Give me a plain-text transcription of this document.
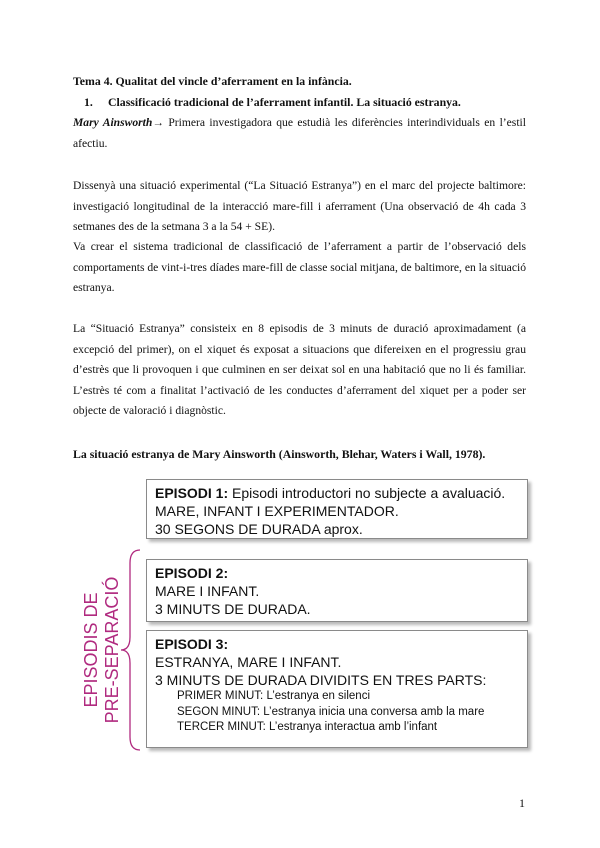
Tema 4. Qualitat del vincle d’aferrament en la infància.
1. Classificació tradicional de l’aferrament infantil. La situació estranya.
Mary Ainsworth→ Primera investigadora que estudià les diferències interindividuals en l’estil afectiu.
Dissenyà una situació experimental (“La Situació Estranya”) en el marc del projecte baltimore: investigació longitudinal de la interacció mare-fill i aferrament (Una observació de 4h cada 3 setmanes des de la setmana 3 a la 54 + SE).
Va crear el sistema tradicional de classificació de l’aferrament a partir de l’observació dels comportaments de vint-i-tres díades mare-fill de classe social mitjana, de baltimore, en la situació estranya.
La “Situació Estranya” consisteix en 8 episodis de 3 minuts de duració aproximadament (a excepció del primer), on el xiquet és exposat a situacions que difereixen en el progressiu grau d’estrès que li provoquen i que culminen en ser deixat sol en una habitació que no li és familiar. L’estrès té com a finalitat l’activació de les conductes d’aferrament del xiquet per a poder ser objecte de valoració i diagnòstic.
La situació estranya de Mary Ainsworth (Ainsworth, Blehar, Waters i Wall, 1978).
EPISODI 1: Episodi introductori no subjecte a avaluació.
MARE, INFANT I EXPERIMENTADOR.
30 SEGONS DE DURADA aprox.
EPISODIS DE PRE-SEPARACIÓ
EPISODI 2:
MARE I INFANT.
3 MINUTS DE DURADA.
EPISODI 3:
ESTRANYA, MARE I INFANT.
3 MINUTS DE DURADA DIVIDITS EN TRES PARTS:
PRIMER MINUT: L’estranya en silenci
SEGON MINUT: L’estranya inicia una conversa amb la mare
TERCER MINUT: L’estranya interactua amb l’infant
1
